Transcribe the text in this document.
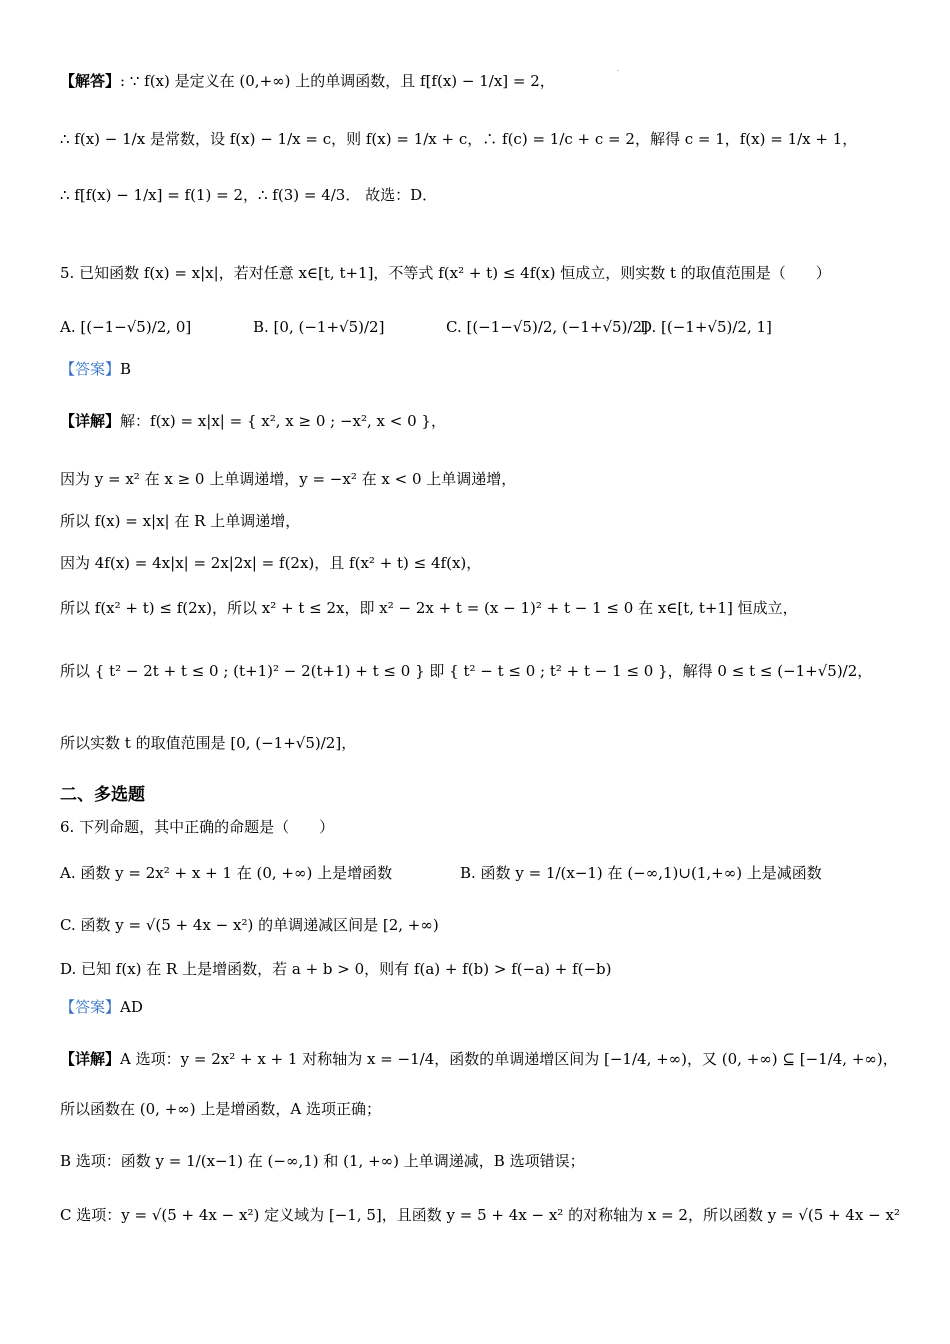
·
【解答】: ∵ f(x) 是定义在 (0,+∞) 上的单调函数，且 f[f(x) − 1/x] = 2，
∴ f(x) − 1/x 是常数，设 f(x) − 1/x = c，则 f(x) = 1/x + c，∴ f(c) = 1/c + c = 2，解得 c = 1，f(x) = 1/x + 1，
∴ f[f(x) − 1/x] = f(1) = 2，∴ f(3) = 4/3． 故选：D．
5. 已知函数 f(x) = x|x|，若对任意 x∈[t, t+1]，不等式 f(x² + t) ≤ 4f(x) 恒成立，则实数 t 的取值范围是（　　）
A. [(−1−√5)/2, 0]	B. [0, (−1+√5)/2]	C. [(−1−√5)/2, (−1+√5)/2]
D. [(−1+√5)/2, 1]
【答案】B
【详解】解：f(x) = x|x| = { x², x ≥ 0 ; −x², x < 0 }，
因为 y = x² 在 x ≥ 0 上单调递增，y = −x² 在 x < 0 上单调递增，
所以 f(x) = x|x| 在 R 上单调递增，
因为 4f(x) = 4x|x| = 2x|2x| = f(2x)，且 f(x² + t) ≤ 4f(x)，
所以 f(x² + t) ≤ f(2x)，所以 x² + t ≤ 2x，即 x² − 2x + t = (x − 1)² + t − 1 ≤ 0 在 x∈[t, t+1] 恒成立，
所以 { t² − 2t + t ≤ 0 ; (t+1)² − 2(t+1) + t ≤ 0 } 即 { t² − t ≤ 0 ; t² + t − 1 ≤ 0 }，解得 0 ≤ t ≤ (−1+√5)/2，
所以实数 t 的取值范围是 [0, (−1+√5)/2]，
二、多选题
6. 下列命题，其中正确的命题是（　　）
A. 函数 y = 2x² + x + 1 在 (0, +∞) 上是增函数	B. 函数 y = 1/(x−1) 在 (−∞,1)∪(1,+∞) 上是减函数
C. 函数 y = √(5 + 4x − x²) 的单调递减区间是 [2, +∞)
D. 已知 f(x) 在 R 上是增函数，若 a + b > 0，则有 f(a) + f(b) > f(−a) + f(−b)
【答案】AD
【详解】A 选项：y = 2x² + x + 1 对称轴为 x = −1/4，函数的单调递增区间为 [−1/4, +∞)，又 (0, +∞) ⊆ [−1/4, +∞)，
所以函数在 (0, +∞) 上是增函数，A 选项正确；
B 选项：函数 y = 1/(x−1) 在 (−∞,1) 和 (1, +∞) 上单调递减，B 选项错误；
C 选项：y = √(5 + 4x − x²) 定义域为 [−1, 5]，且函数 y = 5 + 4x − x² 的对称轴为 x = 2，所以函数 y = √(5 + 4x − x²
